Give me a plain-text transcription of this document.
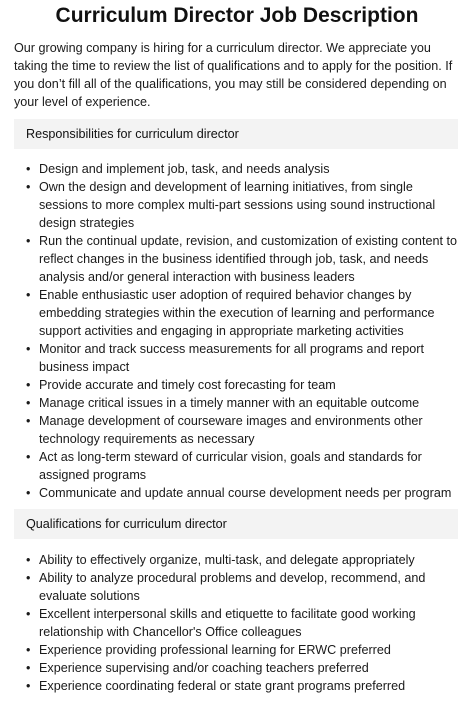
Curriculum Director Job Description

Our growing company is hiring for a curriculum director. We appreciate you taking the time to review the list of qualifications and to apply for the position. If you don’t fill all of the qualifications, you may still be considered depending on your level of experience.

Responsibilities for curriculum director
• Design and implement job, task, and needs analysis
• Own the design and development of learning initiatives, from single sessions to more complex multi-part sessions using sound instructional design strategies
• Run the continual update, revision, and customization of existing content to reflect changes in the business identified through job, task, and needs analysis and/or general interaction with business leaders
• Enable enthusiastic user adoption of required behavior changes by embedding strategies within the execution of learning and performance support activities and engaging in appropriate marketing activities
• Monitor and track success measurements for all programs and report business impact
• Provide accurate and timely cost forecasting for team
• Manage critical issues in a timely manner with an equitable outcome
• Manage development of courseware images and environments other technology requirements as necessary
• Act as long-term steward of curricular vision, goals and standards for assigned programs
• Communicate and update annual course development needs per program
Qualifications for curriculum director
• Ability to effectively organize, multi-task, and delegate appropriately
• Ability to analyze procedural problems and develop, recommend, and evaluate solutions
• Excellent interpersonal skills and etiquette to facilitate good working relationship with Chancellor's Office colleagues
• Experience providing professional learning for ERWC preferred
• Experience supervising and/or coaching teachers preferred
• Experience coordinating federal or state grant programs preferred
